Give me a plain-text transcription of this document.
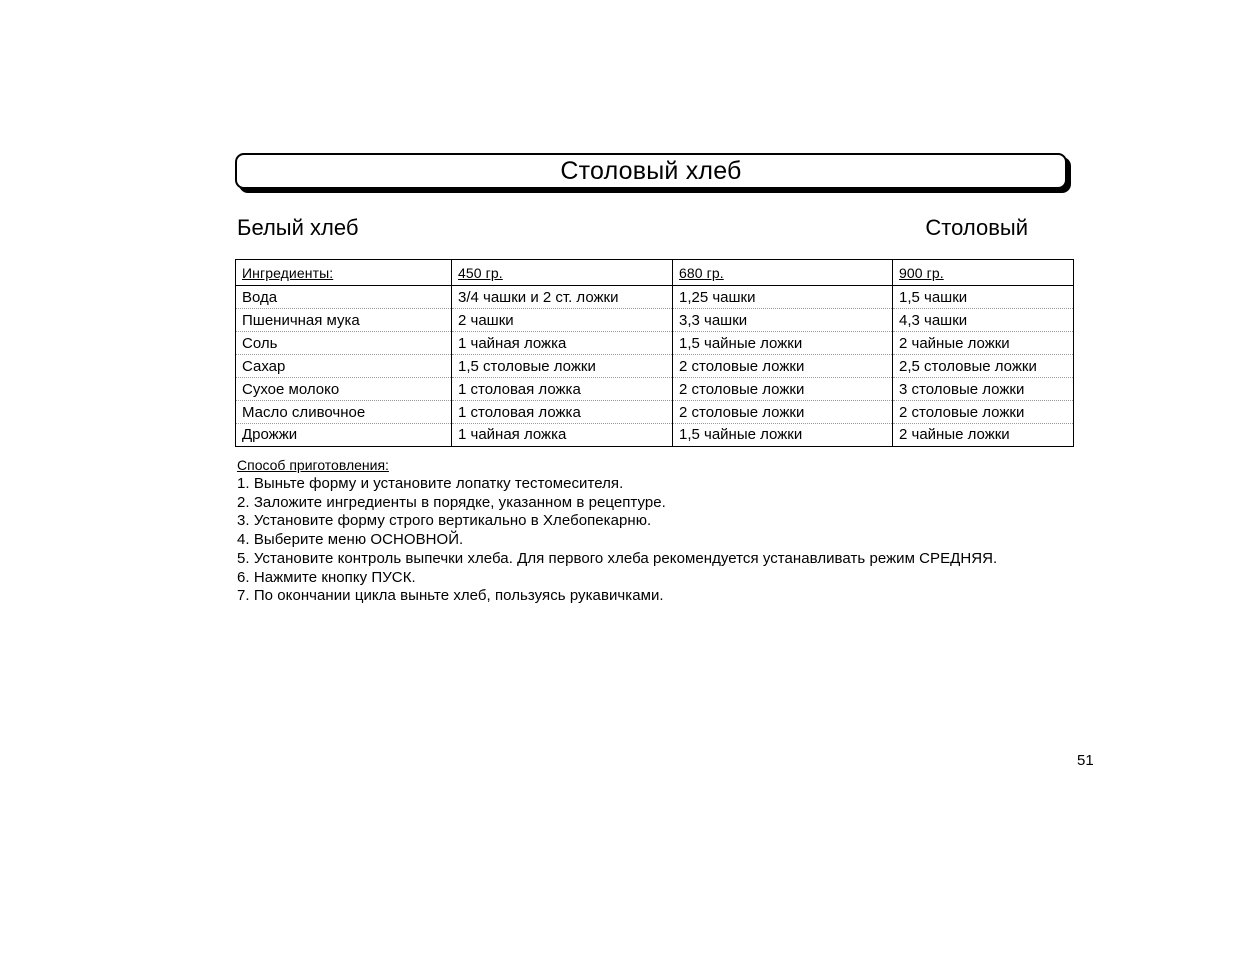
Столовый хлеб
Белый хлеб	Столовый
Ингредиенты:	450 гр.	680 гр.	900 гр.
Вода	3/4 чашки и 2 ст. ложки	1,25 чашки	1,5 чашки
Пшеничная мука	2 чашки	3,3 чашки	4,3 чашки
Соль	1 чайная ложка	1,5 чайные ложки	2 чайные ложки
Сахар	1,5 столовые ложки	2 столовые ложки	2,5 столовые ложки
Сухое молоко	1 столовая ложка	2 столовые ложки	3 столовые ложки
Масло сливочное	1 столовая ложка	2 столовые ложки	2 столовые ложки
Дрожжи	1 чайная ложка	1,5 чайные ложки	2 чайные ложки
Способ приготовления:
1. Выньте форму и установите лопатку тестомесителя.
2. Заложите ингредиенты в порядке, указанном в рецептуре.
3. Установите форму строго вертикально в Хлебопекарню.
4. Выберите меню ОСНОВНОЙ.
5. Установите контроль выпечки хлеба. Для первого хлеба рекомендуется устанавливать режим СРЕДНЯЯ.
6. Нажмите кнопку ПУСК.
7. По окончании цикла выньте хлеб, пользуясь рукавичками.
51
